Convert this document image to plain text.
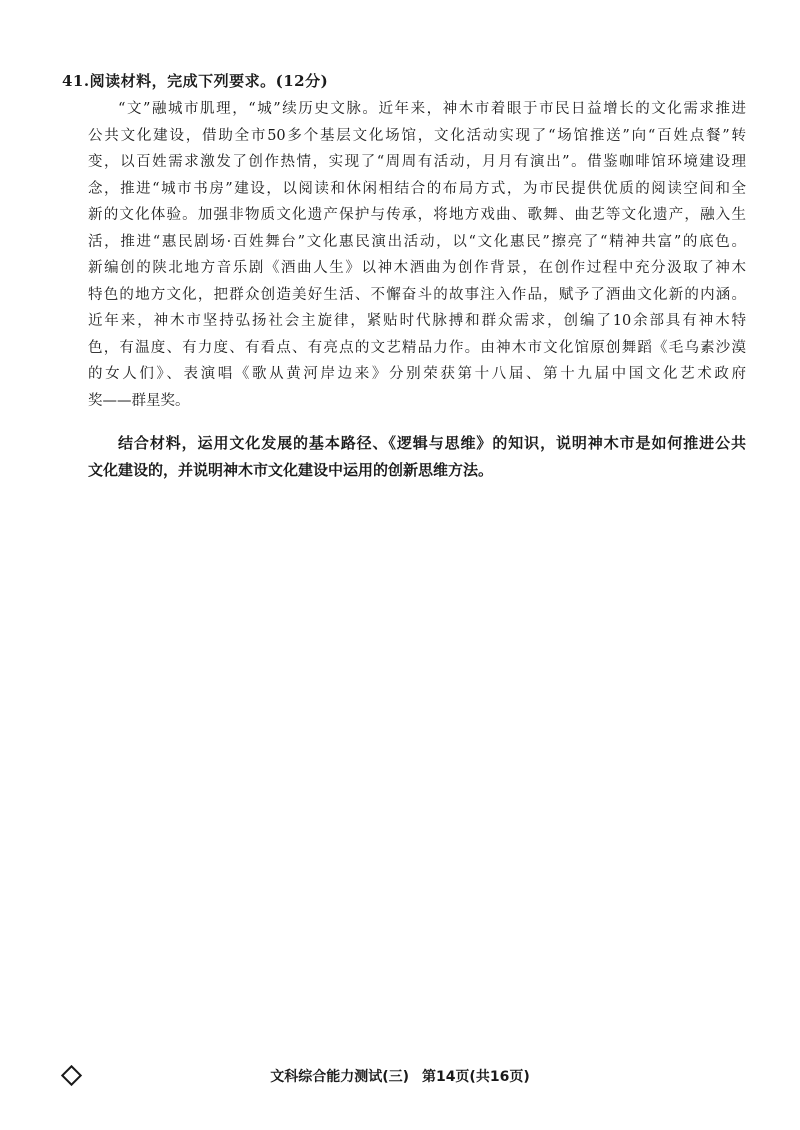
41.阅读材料，完成下列要求。(12分)
“文”融城市肌理，“城”续历史文脉。近年来，神木市着眼于市民日益增长的文化需求推进
公共文化建设，借助全市50多个基层文化场馆，文化活动实现了“场馆推送”向“百姓点餐”转
变，以百姓需求激发了创作热情，实现了“周周有活动，月月有演出”。借鉴咖啡馆环境建设理
念，推进“城市书房”建设，以阅读和休闲相结合的布局方式，为市民提供优质的阅读空间和全
新的文化体验。加强非物质文化遗产保护与传承，将地方戏曲、歌舞、曲艺等文化遗产，融入生
活，推进“惠民剧场·百姓舞台”文化惠民演出活动，以“文化惠民”擦亮了“精神共富”的底色。
新编创的陕北地方音乐剧《酒曲人生》以神木酒曲为创作背景，在创作过程中充分汲取了神木
特色的地方文化，把群众创造美好生活、不懈奋斗的故事注入作品，赋予了酒曲文化新的内涵。
近年来，神木市坚持弘扬社会主旋律，紧贴时代脉搏和群众需求，创编了10余部具有神木特
色，有温度、有力度、有看点、有亮点的文艺精品力作。由神木市文化馆原创舞蹈《毛乌素沙漠
的女人们》、表演唱《歌从黄河岸边来》分别荣获第十八届、第十九届中国文化艺术政府
奖——群星奖。
结合材料，运用文化发展的基本路径、《逻辑与思维》的知识，说明神木市是如何推进公共
文化建设的，并说明神木市文化建设中运用的创新思维方法。
文科综合能力测试(三) 第14页(共16页)
